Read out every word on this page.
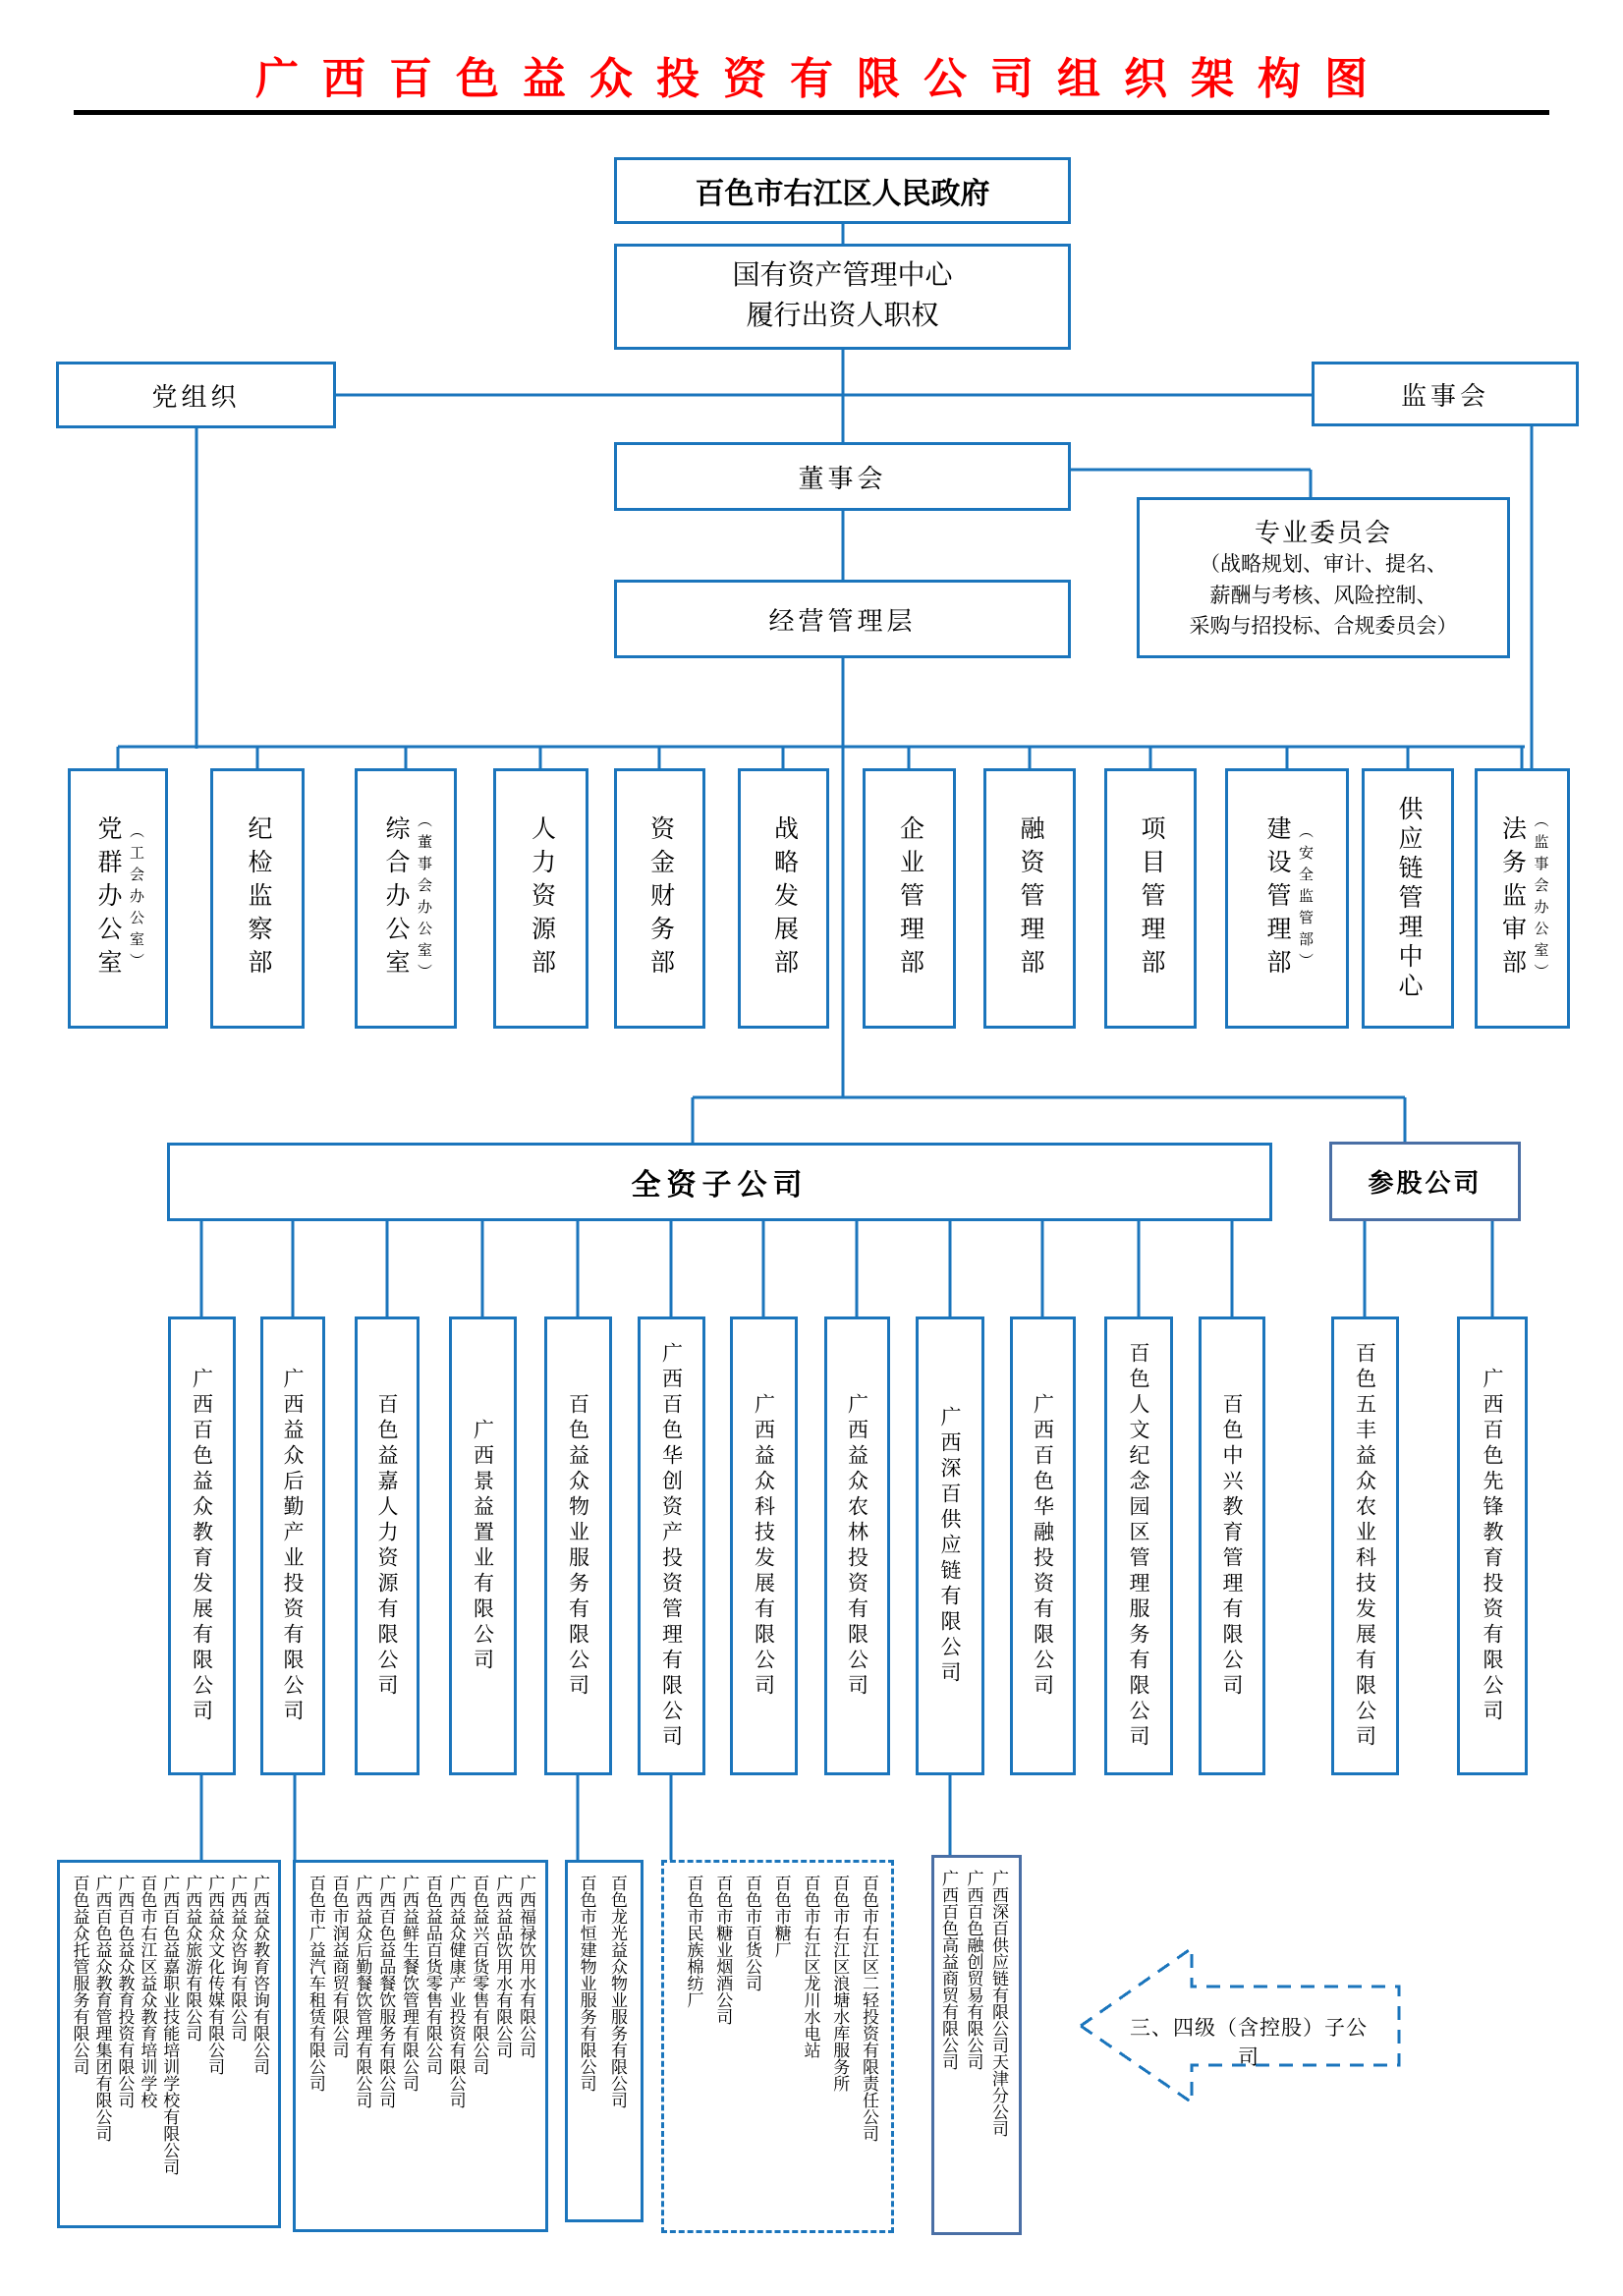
广西百色益众投资有限公司组织架构图
百色市右江区人民政府
国有资产管理中心
履行出资人职权
党组织	监事会
董事会
专业委员会
（战略规划、审计、提名、
薪酬与考核、风险控制、
采购与招投标、合规委员会）
经营管理层
党群办公室 （工会办公室）	纪检监察部	综合办公室 （董事会办公室）	人力资源部	资金财务部	战略发展部	企业管理部	融资管理部	项目管理部	建设管理部 （安全监管部）	供应链管理中心	法务监审部 （监事会办公室）
全资子公司	参股公司
广西百色益众教育发展有限公司	广西益众后勤产业投资有限公司	百色益嘉人力资源有限公司	广西景益置业有限公司	百色益众物业服务有限公司	广西百色华创资产投资管理有限公司	广西益众科技发展有限公司	广西益众农林投资有限公司	广西深百供应链有限公司	广西百色华融投资有限公司	百色人文纪念园区管理服务有限公司	百色中兴教育管理有限公司	百色五丰益众农业科技发展有限公司	广西百色先锋教育投资有限公司
广西益众教育咨询有限公司
广西益众咨询有限公司
广西益众文化传媒有限公司
广西益众旅游有限公司
广西百色益嘉职业技能培训学校有限公司
百色市右江区益众教育培训学校
广西百色益众教育投资有限公司
广西百色益众教育管理集团有限公司
百色益众托管服务有限公司	广西福禄饮用水有限公司
广西益品饮用水有限公司
百色益兴百货零售有限公司
广西益众健康产业投资有限公司
百色益品百货零售有限公司
广西益鲜生餐饮管理有限公司
广西百色益品餐饮服务有限公司
广西益众后勤餐饮管理有限公司
百色市润益商贸有限公司
百色市广益汽车租赁有限公司	百色龙光益众物业服务有限公司
百色市恒建物业服务有限公司	百色市右江区二轻投资有限责任公司
百色市右江区浪塘水库服务所
百色市右江区龙川水电站
百色市糖厂
百色市百货公司
百色市糖业烟酒公司
百色市民族棉纺厂	广西深百供应链有限公司天津分公司
广西百色融创贸易有限公司
广西百色高益商贸有限公司	三、四级（含控股）子公司
